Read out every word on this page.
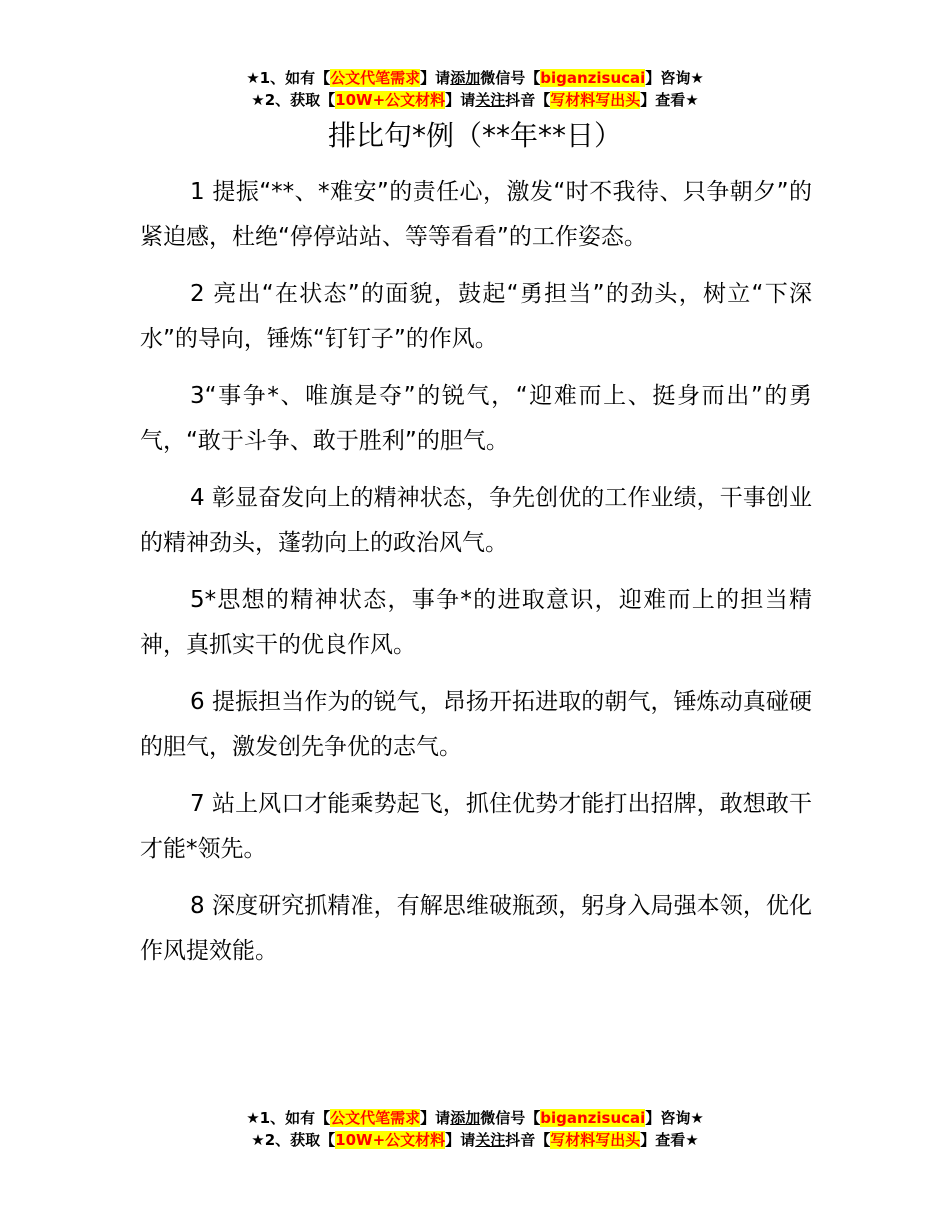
★1、如有【公文代笔需求】请添加微信号【biganzisucai】咨询★
★2、获取【10W+公文材料】请关注抖音【写材料写出头】查看★
排比句*例（**年**日）

1 提振“**、*难安”的责任心，激发“时不我待、只争朝夕”的紧迫感，杜绝“停停站站、等等看看”的工作姿态。

2 亮出“在状态”的面貌，鼓起“勇担当”的劲头，树立“下深水”的导向，锤炼“钉钉子”的作风。

3“事争*、唯旗是夺”的锐气，“迎难而上、挺身而出”的勇气，“敢于斗争、敢于胜利”的胆气。

4 彰显奋发向上的精神状态，争先创优的工作业绩，干事创业的精神劲头，蓬勃向上的政治风气。

5*思想的精神状态，事争*的进取意识，迎难而上的担当精神，真抓实干的优良作风。

6 提振担当作为的锐气，昂扬开拓进取的朝气，锤炼动真碰硬的胆气，激发创先争优的志气。

7 站上风口才能乘势起飞，抓住优势才能打出招牌，敢想敢干才能*领先。

8 深度研究抓精准，有解思维破瓶颈，躬身入局强本领，优化作风提效能。

★1、如有【公文代笔需求】请添加微信号【biganzisucai】咨询★
★2、获取【10W+公文材料】请关注抖音【写材料写出头】查看★
